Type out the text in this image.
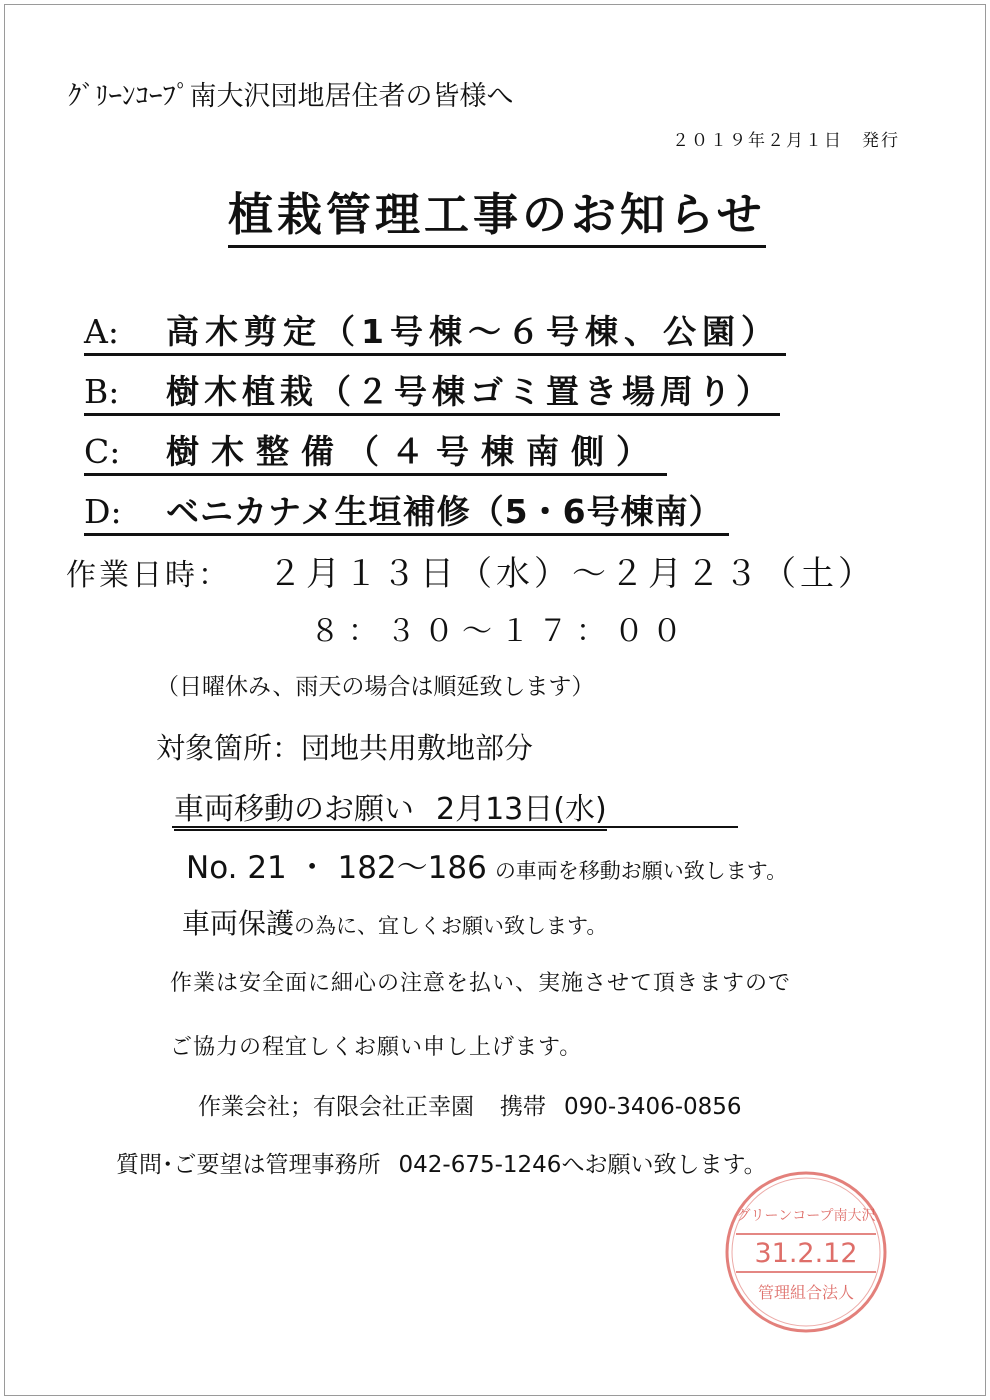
ｸﾞﾘｰﾝｺｰﾌﾟ南大沢団地居住者の皆様へ
２０１９年２月１日　発行
植栽管理工事のお知らせ
A: 高木剪定（1号棟～６号棟、公園）
B: 樹木植栽（２号棟ゴミ置き場周り）
C: 樹木整備（４号棟南側）
D: ベニカナメ生垣補修（5・6号棟南）
作業日時： ２月１３日（水）～２月２３（土）
８：３０～１７：００
（日曜休み、雨天の場合は順延致します）
対象箇所：団地共用敷地部分
車両移動のお願い 2月13日(水)
No. 21 ・ 182～186 の車両を移動お願い致します。
車両保護の為に、宜しくお願い致します。
作業は安全面に細心の注意を払い、実施させて頂きますので
ご協力の程宜しくお願い申し上げます。
作業会社；有限会社正幸園 携帯 090-3406-0856
質問･ご要望は管理事務所 042-675-1246へお願い致します。
グリーンコープ南大沢
31.2.12
管理組合法人
